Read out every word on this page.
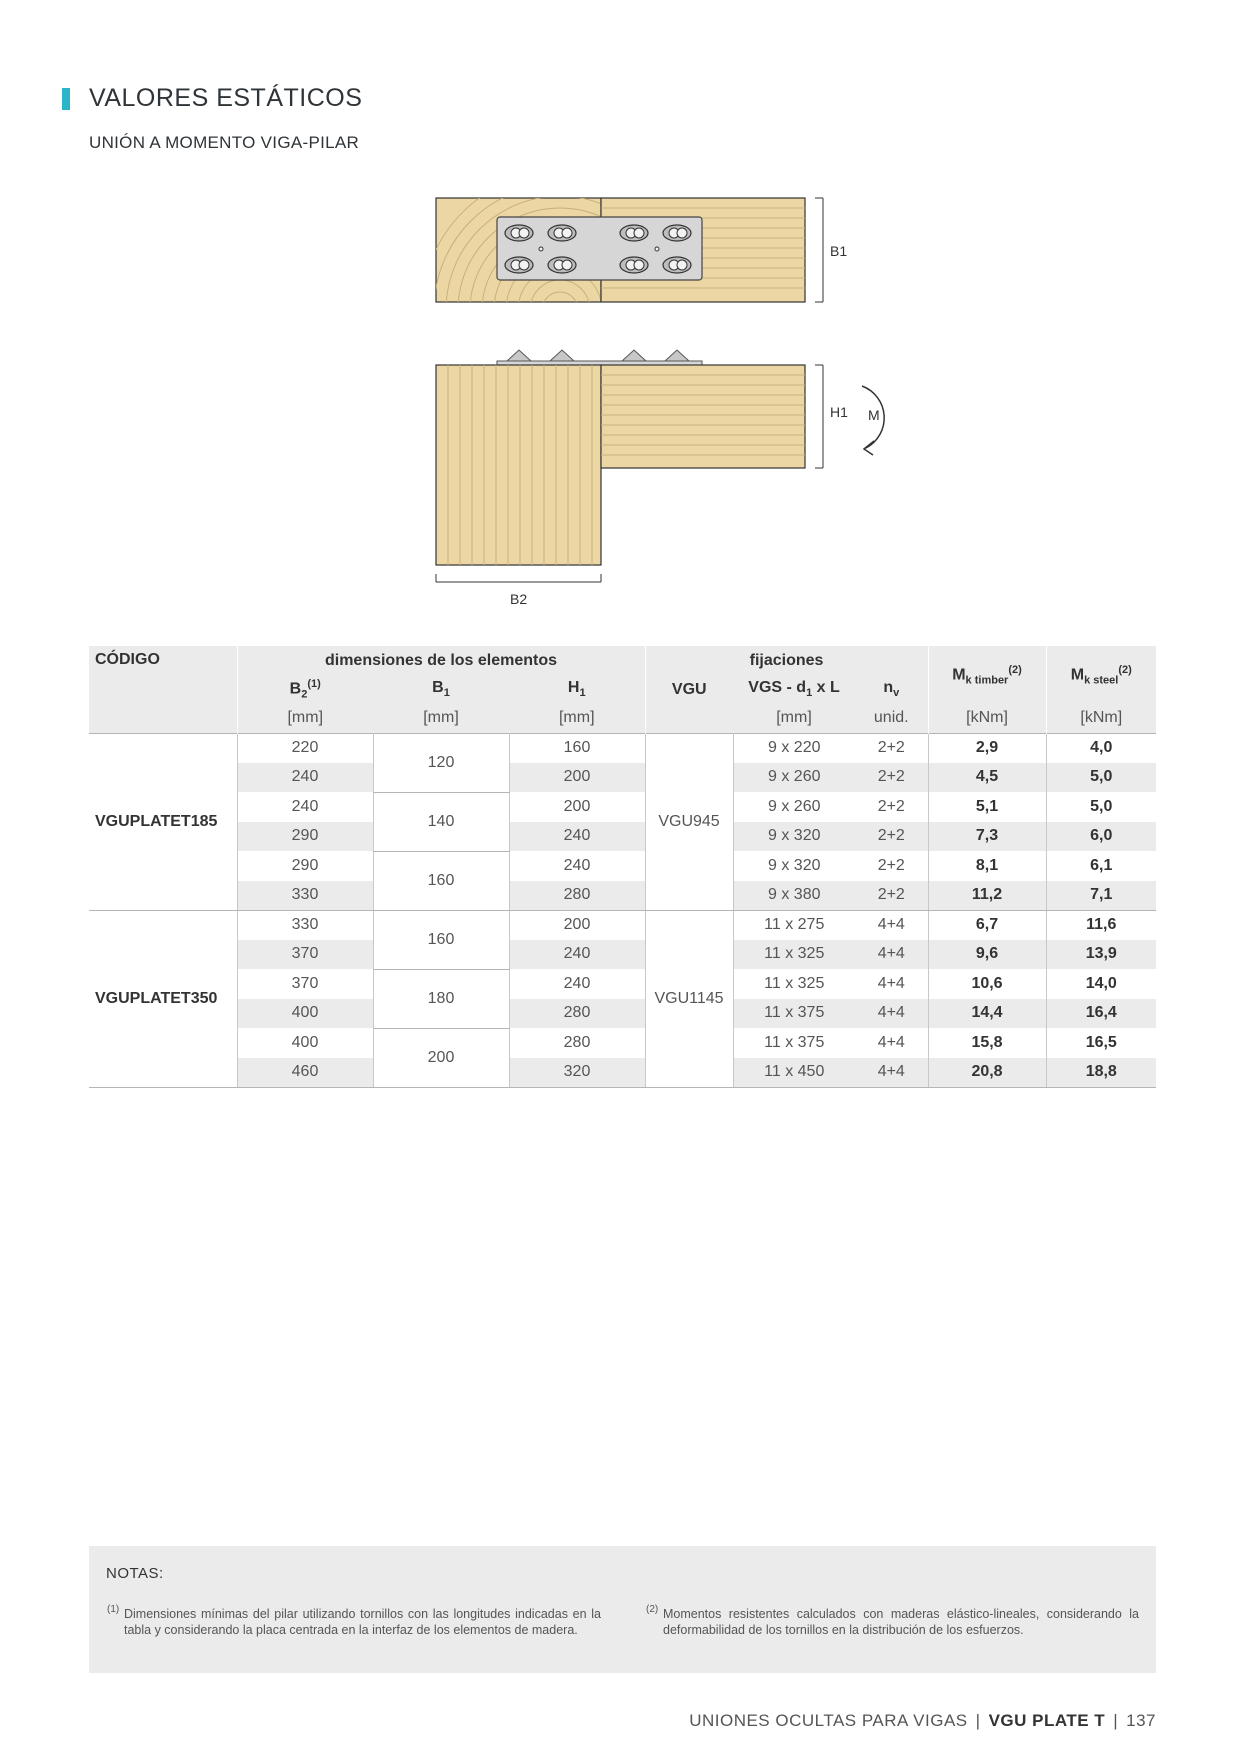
VALORES ESTÁTICOS
UNIÓN A MOMENTO VIGA-PILAR
B1
H1 M
B2
CÓDIGO	dimensiones de los elementos			fijaciones			$M_{k timber}^{(2)}$	$M_{k steel}^{(2)}$
	$B_2^{(1)}$	$B_1$	$H_1$	VGU	VGS - $d_1$ x L	$n_v$
	[mm]	[mm]	[mm]		[mm]	unid.	[kNm]	[kNm]
VGUPLATET185	220	120	160	VGU945	9 x 220	2+2	2,9	4,0
	240		200		9 x 260	2+2	4,5	5,0
	240	140	200		9 x 260	2+2	5,1	5,0
	290		240		9 x 320	2+2	7,3	6,0
	290	160	240		9 x 320	2+2	8,1	6,1
	330		280		9 x 380	2+2	11,2	7,1
VGUPLATET350	330	160	200	VGU1145	11 x 275	4+4	6,7	11,6
	370		240		11 x 325	4+4	9,6	13,9
	370	180	240		11 x 325	4+4	10,6	14,0
	400		280		11 x 375	4+4	14,4	16,4
	400	200	280		11 x 375	4+4	15,8	16,5
	460		320		11 x 450	4+4	20,8	18,8
NOTAS:
(1) Dimensiones mínimas del pilar utilizando tornillos con las longitudes indicadas en la tabla y considerando la placa centrada en la interfaz de los elementos de madera.
(2) Momentos resistentes calculados con maderas elástico-lineales, considerando la deformabilidad de los tornillos en la distribución de los esfuerzos.
UNIONES OCULTAS PARA VIGAS | VGU PLATE T | 137
